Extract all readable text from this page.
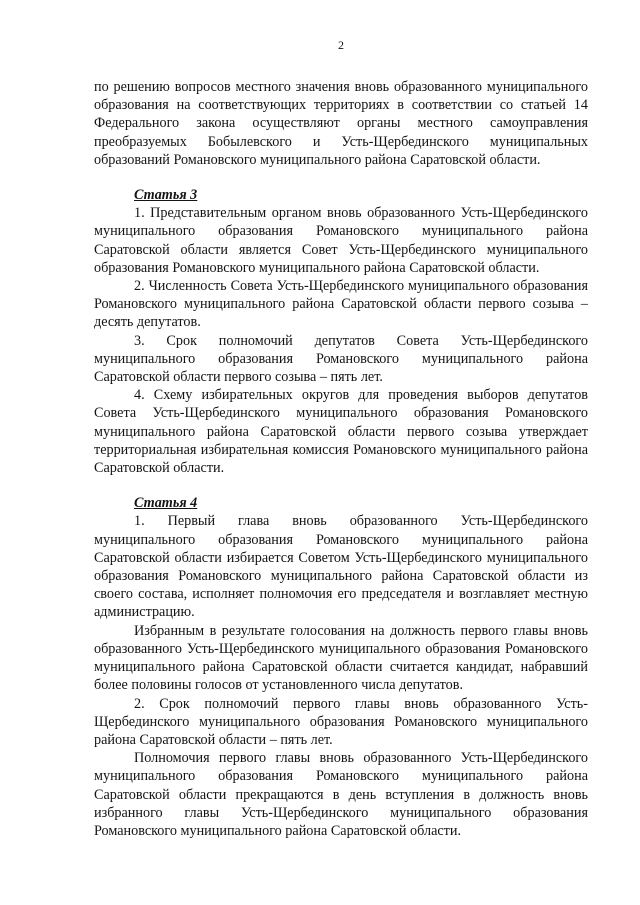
2

по решению вопросов местного значения вновь образованного муниципального образования на соответствующих территориях в соответствии со статьей 14 Федерального закона осуществляют органы местного самоуправления преобразуемых Бобылевского и Усть-Щербединского муниципальных образований Романовского муниципального района Саратовской области.

Статья 3

1. Представительным органом вновь образованного Усть-Щербединского муниципального образования Романовского муниципального района Саратовской области является Совет Усть-Щербединского муниципального образования Романовского муниципального района Саратовской области.

2. Численность Совета Усть-Щербединского муниципального образования Романовского муниципального района Саратовской области первого созыва – десять депутатов.

3. Срок полномочий депутатов Совета Усть-Щербединского муниципального образования Романовского муниципального района Саратовской области первого созыва – пять лет.

4. Схему избирательных округов для проведения выборов депутатов Совета Усть-Щербединского муниципального образования Романовского муниципального района Саратовской области первого созыва утверждает территориальная избирательная комиссия Романовского муниципального района Саратовской области.

Статья 4

1. Первый глава вновь образованного Усть-Щербединского муниципального образования Романовского муниципального района Саратовской области избирается Советом Усть-Щербединского муниципального образования Романовского муниципального района Саратовской области из своего состава, исполняет полномочия его председателя и возглавляет местную администрацию.

Избранным в результате голосования на должность первого главы вновь образованного Усть-Щербединского муниципального образования Романовского муниципального района Саратовской области считается кандидат, набравший более половины голосов от установленного числа депутатов.

2. Срок полномочий первого главы вновь образованного Усть-Щербединского муниципального образования Романовского муниципального района Саратовской области – пять лет.

Полномочия первого главы вновь образованного Усть-Щербединского муниципального образования Романовского муниципального района Саратовской области прекращаются в день вступления в должность вновь избранного главы Усть-Щербединского муниципального образования Романовского муниципального района Саратовской области.
